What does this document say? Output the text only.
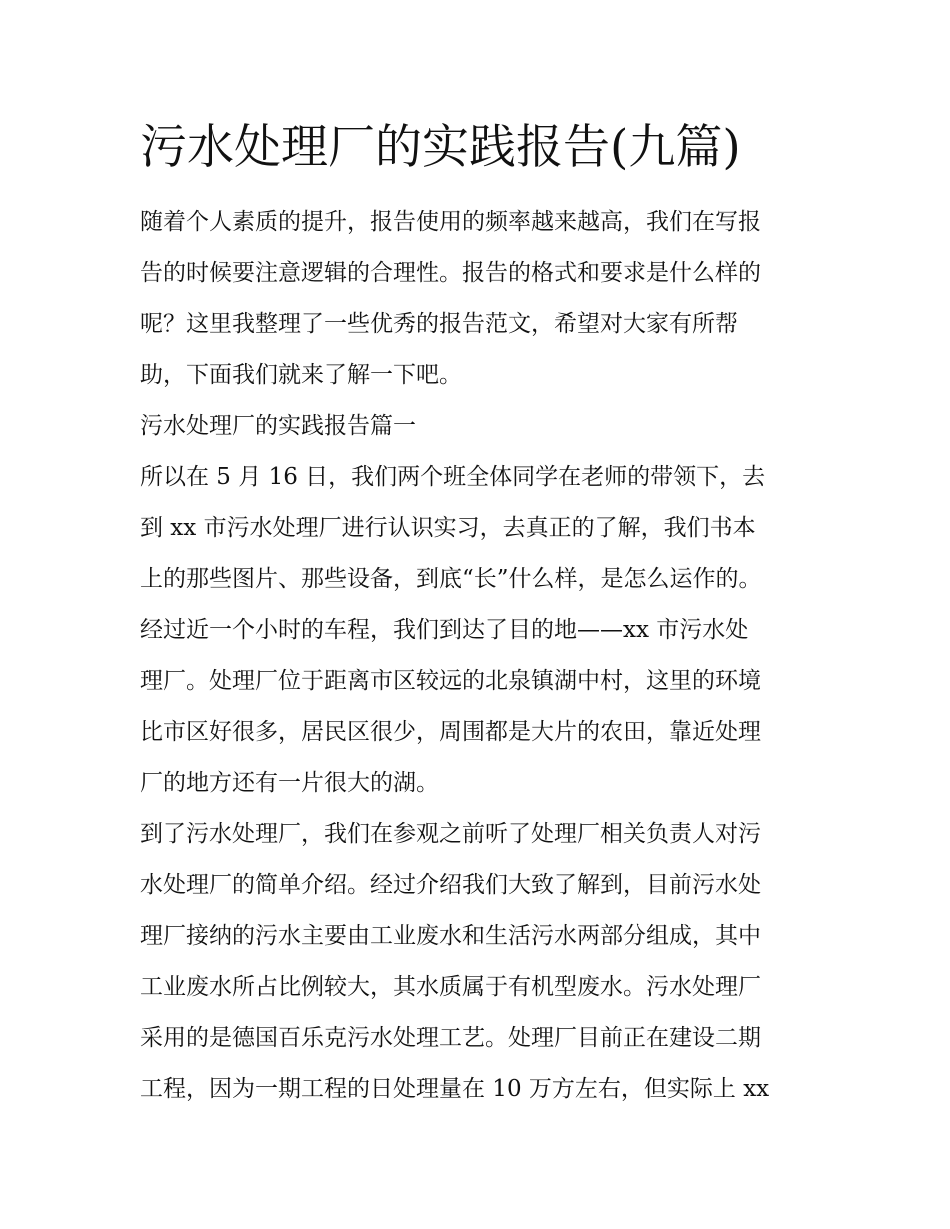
污水处理厂的实践报告(九篇)
随着个人素质的提升，报告使用的频率越来越高，我们在写报
告的时候要注意逻辑的合理性。报告的格式和要求是什么样的
呢？这里我整理了一些优秀的报告范文，希望对大家有所帮
助，下面我们就来了解一下吧。
污水处理厂的实践报告篇一
所以在 5 月 16 日，我们两个班全体同学在老师的带领下，去
到 xx 市污水处理厂进行认识实习，去真正的了解，我们书本
上的那些图片、那些设备，到底“长”什么样，是怎么运作的。
经过近一个小时的车程，我们到达了目的地——xx 市污水处
理厂。处理厂位于距离市区较远的北泉镇湖中村，这里的环境
比市区好很多，居民区很少，周围都是大片的农田，靠近处理
厂的地方还有一片很大的湖。
到了污水处理厂，我们在参观之前听了处理厂相关负责人对污
水处理厂的简单介绍。经过介绍我们大致了解到，目前污水处
理厂接纳的污水主要由工业废水和生活污水两部分组成，其中
工业废水所占比例较大，其水质属于有机型废水。污水处理厂
采用的是德国百乐克污水处理工艺。处理厂目前正在建设二期
工程，因为一期工程的日处理量在 10 万方左右，但实际上 xx
